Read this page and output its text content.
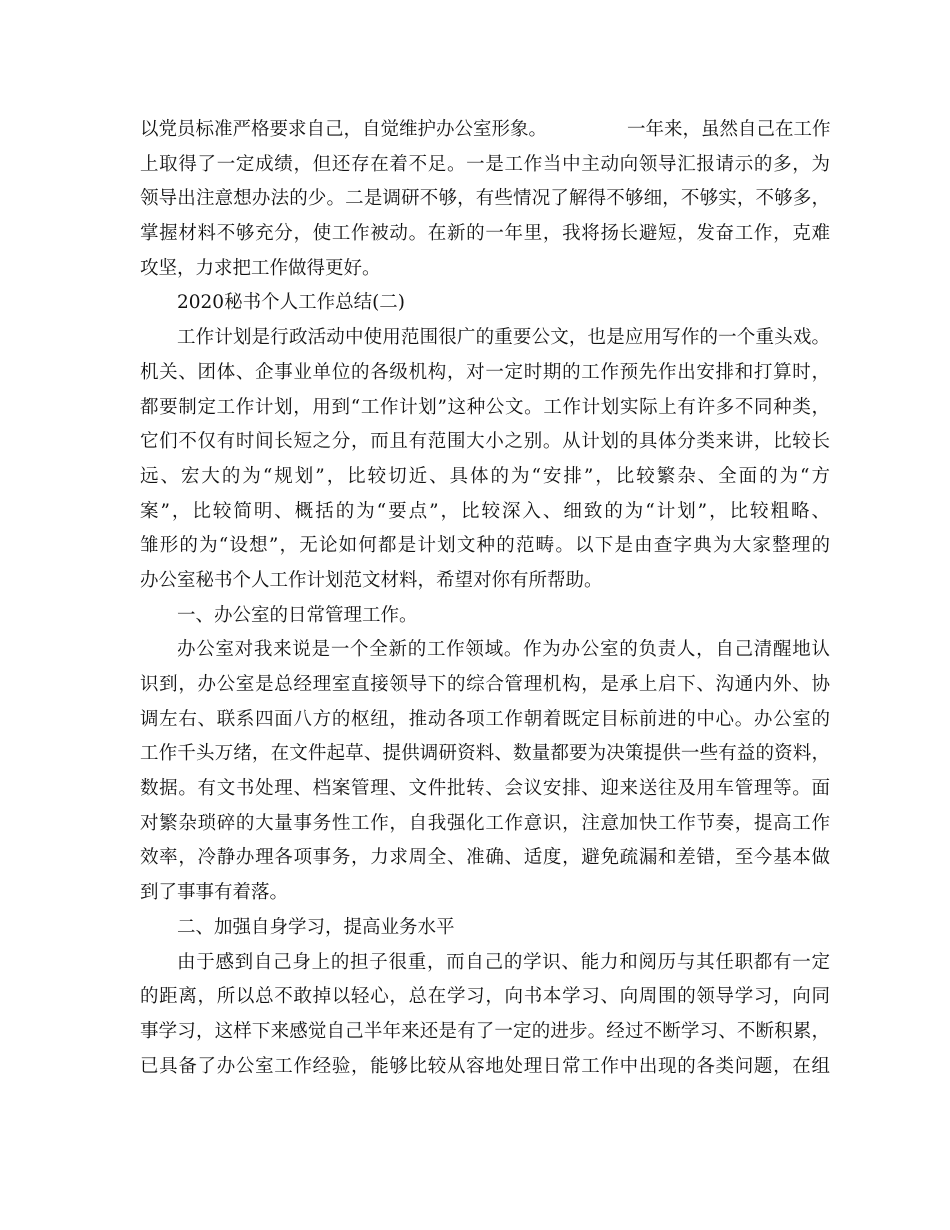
以党员标准严格要求自己，自觉维护办公室形象。	一年来，虽然自己在工作
上取得了一定成绩，但还存在着不足。一是工作当中主动向领导汇报请示的多，为
领导出注意想办法的少。二是调研不够，有些情况了解得不够细，不够实，不够多，
掌握材料不够充分，使工作被动。在新的一年里，我将扬长避短，发奋工作，克难
攻坚，力求把工作做得更好。
2020秘书个人工作总结(二)
工作计划是行政活动中使用范围很广的重要公文，也是应用写作的一个重头戏。
机关、团体、企事业单位的各级机构，对一定时期的工作预先作出安排和打算时，
都要制定工作计划，用到“工作计划”这种公文。工作计划实际上有许多不同种类，
它们不仅有时间长短之分，而且有范围大小之别。从计划的具体分类来讲，比较长
远、宏大的为“规划”，比较切近、具体的为“安排”，比较繁杂、全面的为“方
案”，比较简明、概括的为“要点”，比较深入、细致的为“计划”，比较粗略、
雏形的为“设想”，无论如何都是计划文种的范畴。以下是由查字典为大家整理的
办公室秘书个人工作计划范文材料，希望对你有所帮助。
一、办公室的日常管理工作。
办公室对我来说是一个全新的工作领域。作为办公室的负责人，自己清醒地认
识到，办公室是总经理室直接领导下的综合管理机构，是承上启下、沟通内外、协
调左右、联系四面八方的枢纽，推动各项工作朝着既定目标前进的中心。办公室的
工作千头万绪，在文件起草、提供调研资料、数量都要为决策提供一些有益的资料，
数据。有文书处理、档案管理、文件批转、会议安排、迎来送往及用车管理等。面
对繁杂琐碎的大量事务性工作，自我强化工作意识，注意加快工作节奏，提高工作
效率，冷静办理各项事务，力求周全、准确、适度，避免疏漏和差错，至今基本做
到了事事有着落。
二、加强自身学习，提高业务水平
由于感到自己身上的担子很重，而自己的学识、能力和阅历与其任职都有一定
的距离，所以总不敢掉以轻心，总在学习，向书本学习、向周围的领导学习，向同
事学习，这样下来感觉自己半年来还是有了一定的进步。经过不断学习、不断积累，
已具备了办公室工作经验，能够比较从容地处理日常工作中出现的各类问题，在组
